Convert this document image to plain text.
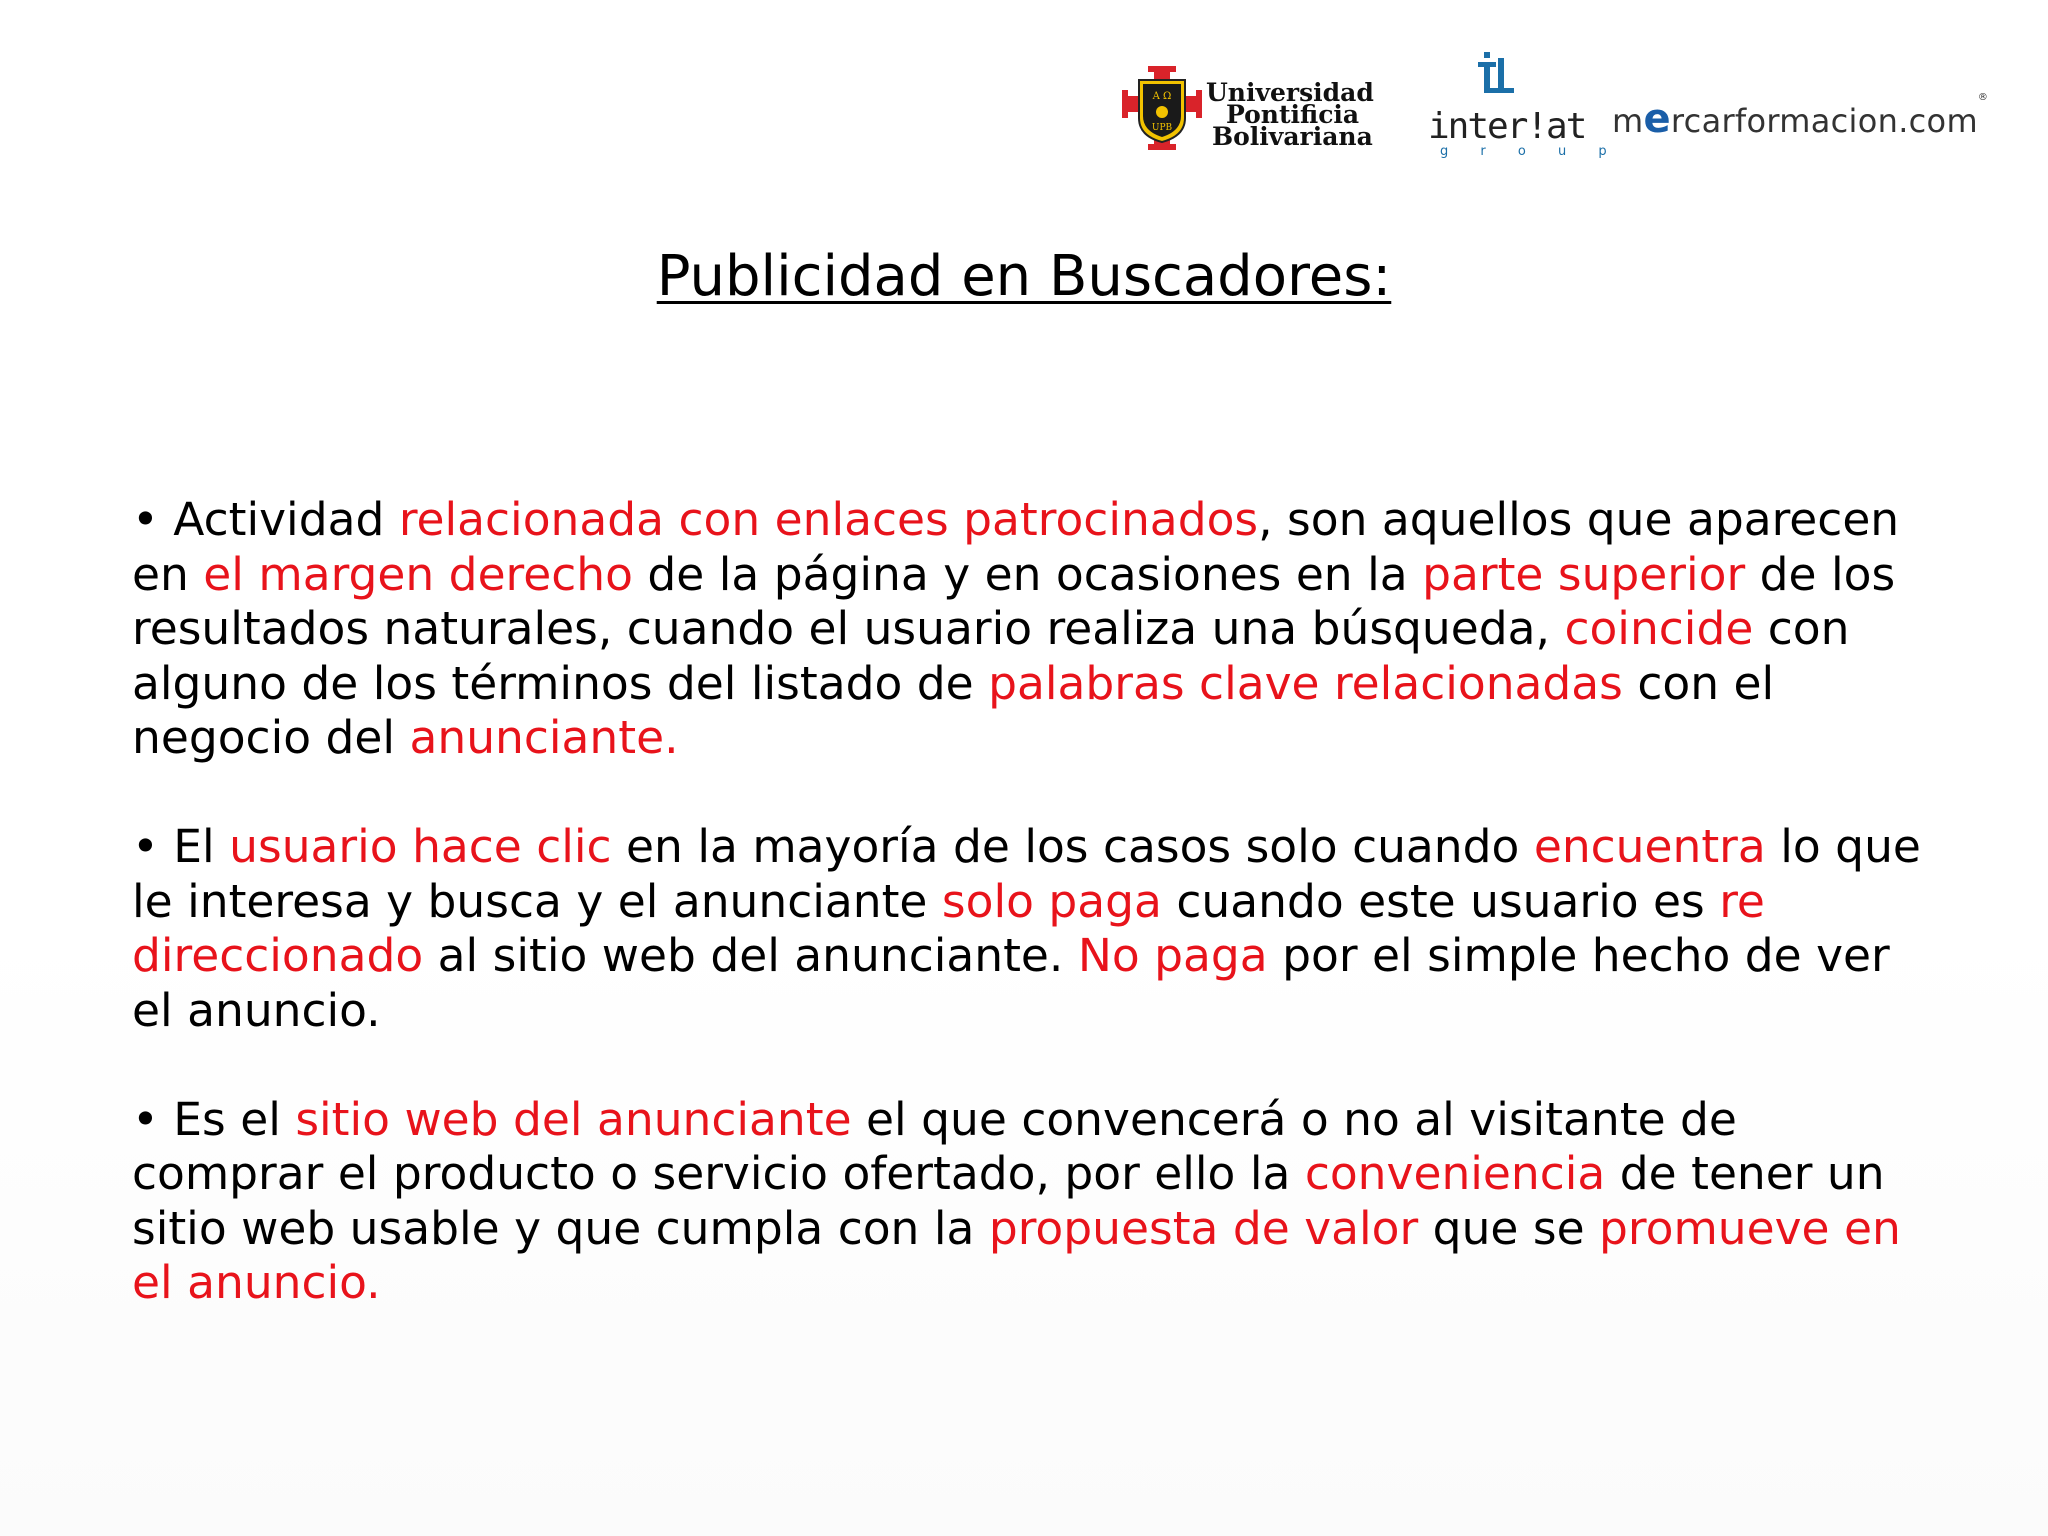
A Ω
UPB
Universidad
Pontificia
Bolivariana inter!at
g r o u p
mercarformacion.com®
Publicidad en Buscadores:

• Actividad relacionada con enlaces patrocinados, son aquellos que aparecen en el margen derecho de la página y en ocasiones en la parte superior de los resultados naturales, cuando el usuario realiza una búsqueda, coincide con alguno de los términos del listado de palabras clave relacionadas con el negocio del anunciante.

• El usuario hace clic en la mayoría de los casos solo cuando encuentra lo que le interesa y busca y el anunciante solo paga cuando este usuario es re direccionado al sitio web del anunciante. No paga por el simple hecho de ver el anuncio.

• Es el sitio web del anunciante el que convencerá o no al visitante de comprar el producto o servicio ofertado, por ello la conveniencia de tener un sitio web usable y que cumpla con la propuesta de valor que se promueve en el anuncio.
